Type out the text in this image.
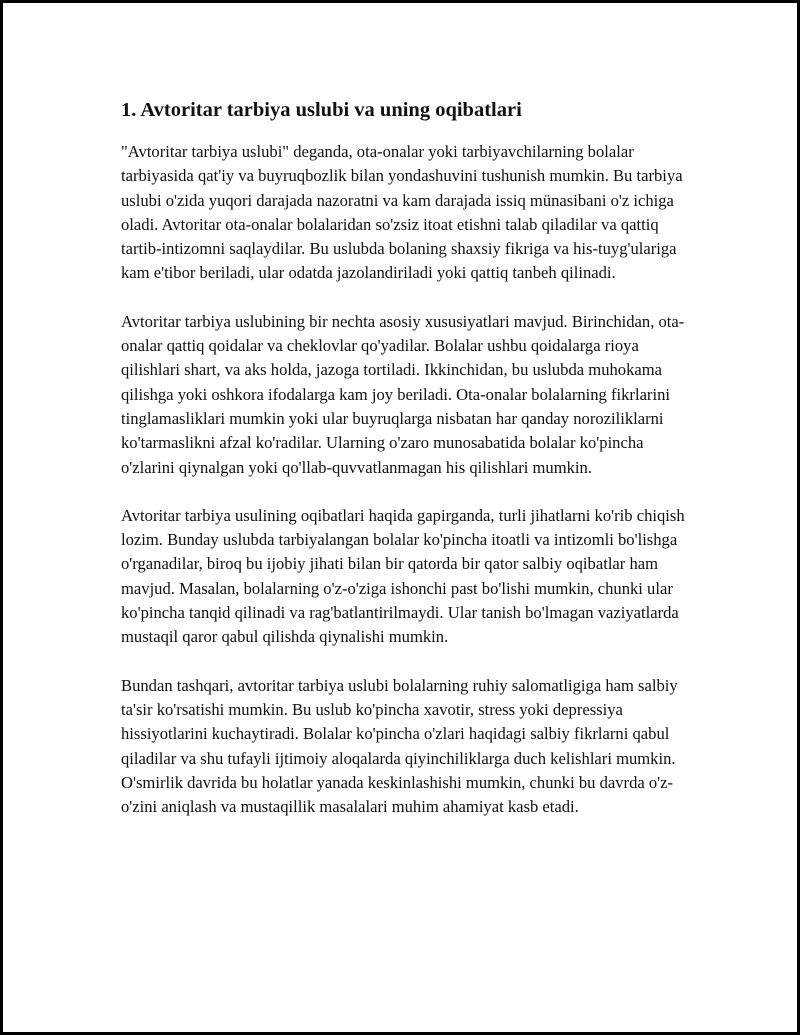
1. Avtoritar tarbiya uslubi va uning oqibatlari

"Avtoritar tarbiya uslubi" deganda, ota-onalar yoki tarbiyavchilarning bolalar tarbiyasida qat'iy va buyruqbozlik bilan yondashuvini tushunish mumkin. Bu tarbiya uslubi o'zida yuqori darajada nazoratni va kam darajada issiq münasibani o'z ichiga oladi. Avtoritar ota-onalar bolalaridan so'zsiz itoat etishni talab qiladilar va qattiq tartib-intizomni saqlaydilar. Bu uslubda bolaning shaxsiy fikriga va his-tuyg'ulariga kam e'tibor beriladi, ular odatda jazolandiriladi yoki qattiq tanbeh qilinadi.

Avtoritar tarbiya uslubining bir nechta asosiy xususiyatlari mavjud. Birinchidan, ota-onalar qattiq qoidalar va cheklovlar qo'yadilar. Bolalar ushbu qoidalarga rioya qilishlari shart, va aks holda, jazoga tortiladi. Ikkinchidan, bu uslubda muhokama qilishga yoki oshkora ifodalarga kam joy beriladi. Ota-onalar bolalarning fikrlarini tinglamasliklari mumkin yoki ular buyruqlarga nisbatan har qanday noroziliklarni ko'tarmaslikni afzal ko'radilar. Ularning o'zaro munosabatida bolalar ko'pincha o'zlarini qiynalgan yoki qo'llab-quvvatlanmagan his qilishlari mumkin.

Avtoritar tarbiya usulining oqibatlari haqida gapirganda, turli jihatlarni ko'rib chiqish lozim. Bunday uslubda tarbiyalangan bolalar ko'pincha itoatli va intizomli bo'lishga o'rganadilar, biroq bu ijobiy jihati bilan bir qatorda bir qator salbiy oqibatlar ham mavjud. Masalan, bolalarning o'z-o'ziga ishonchi past bo'lishi mumkin, chunki ular ko'pincha tanqid qilinadi va rag'batlantirilmaydi. Ular tanish bo'lmagan vaziyatlarda mustaqil qaror qabul qilishda qiynalishi mumkin.

Bundan tashqari, avtoritar tarbiya uslubi bolalarning ruhiy salomatligiga ham salbiy ta'sir ko'rsatishi mumkin. Bu uslub ko'pincha xavotir, stress yoki depressiya hissiyotlarini kuchaytiradi. Bolalar ko'pincha o'zlari haqidagi salbiy fikrlarni qabul qiladilar va shu tufayli ijtimoiy aloqalarda qiyinchiliklarga duch kelishlari mumkin. O'smirlik davrida bu holatlar yanada keskinlashishi mumkin, chunki bu davrda o'z-o'zini aniqlash va mustaqillik masalalari muhim ahamiyat kasb etadi.
